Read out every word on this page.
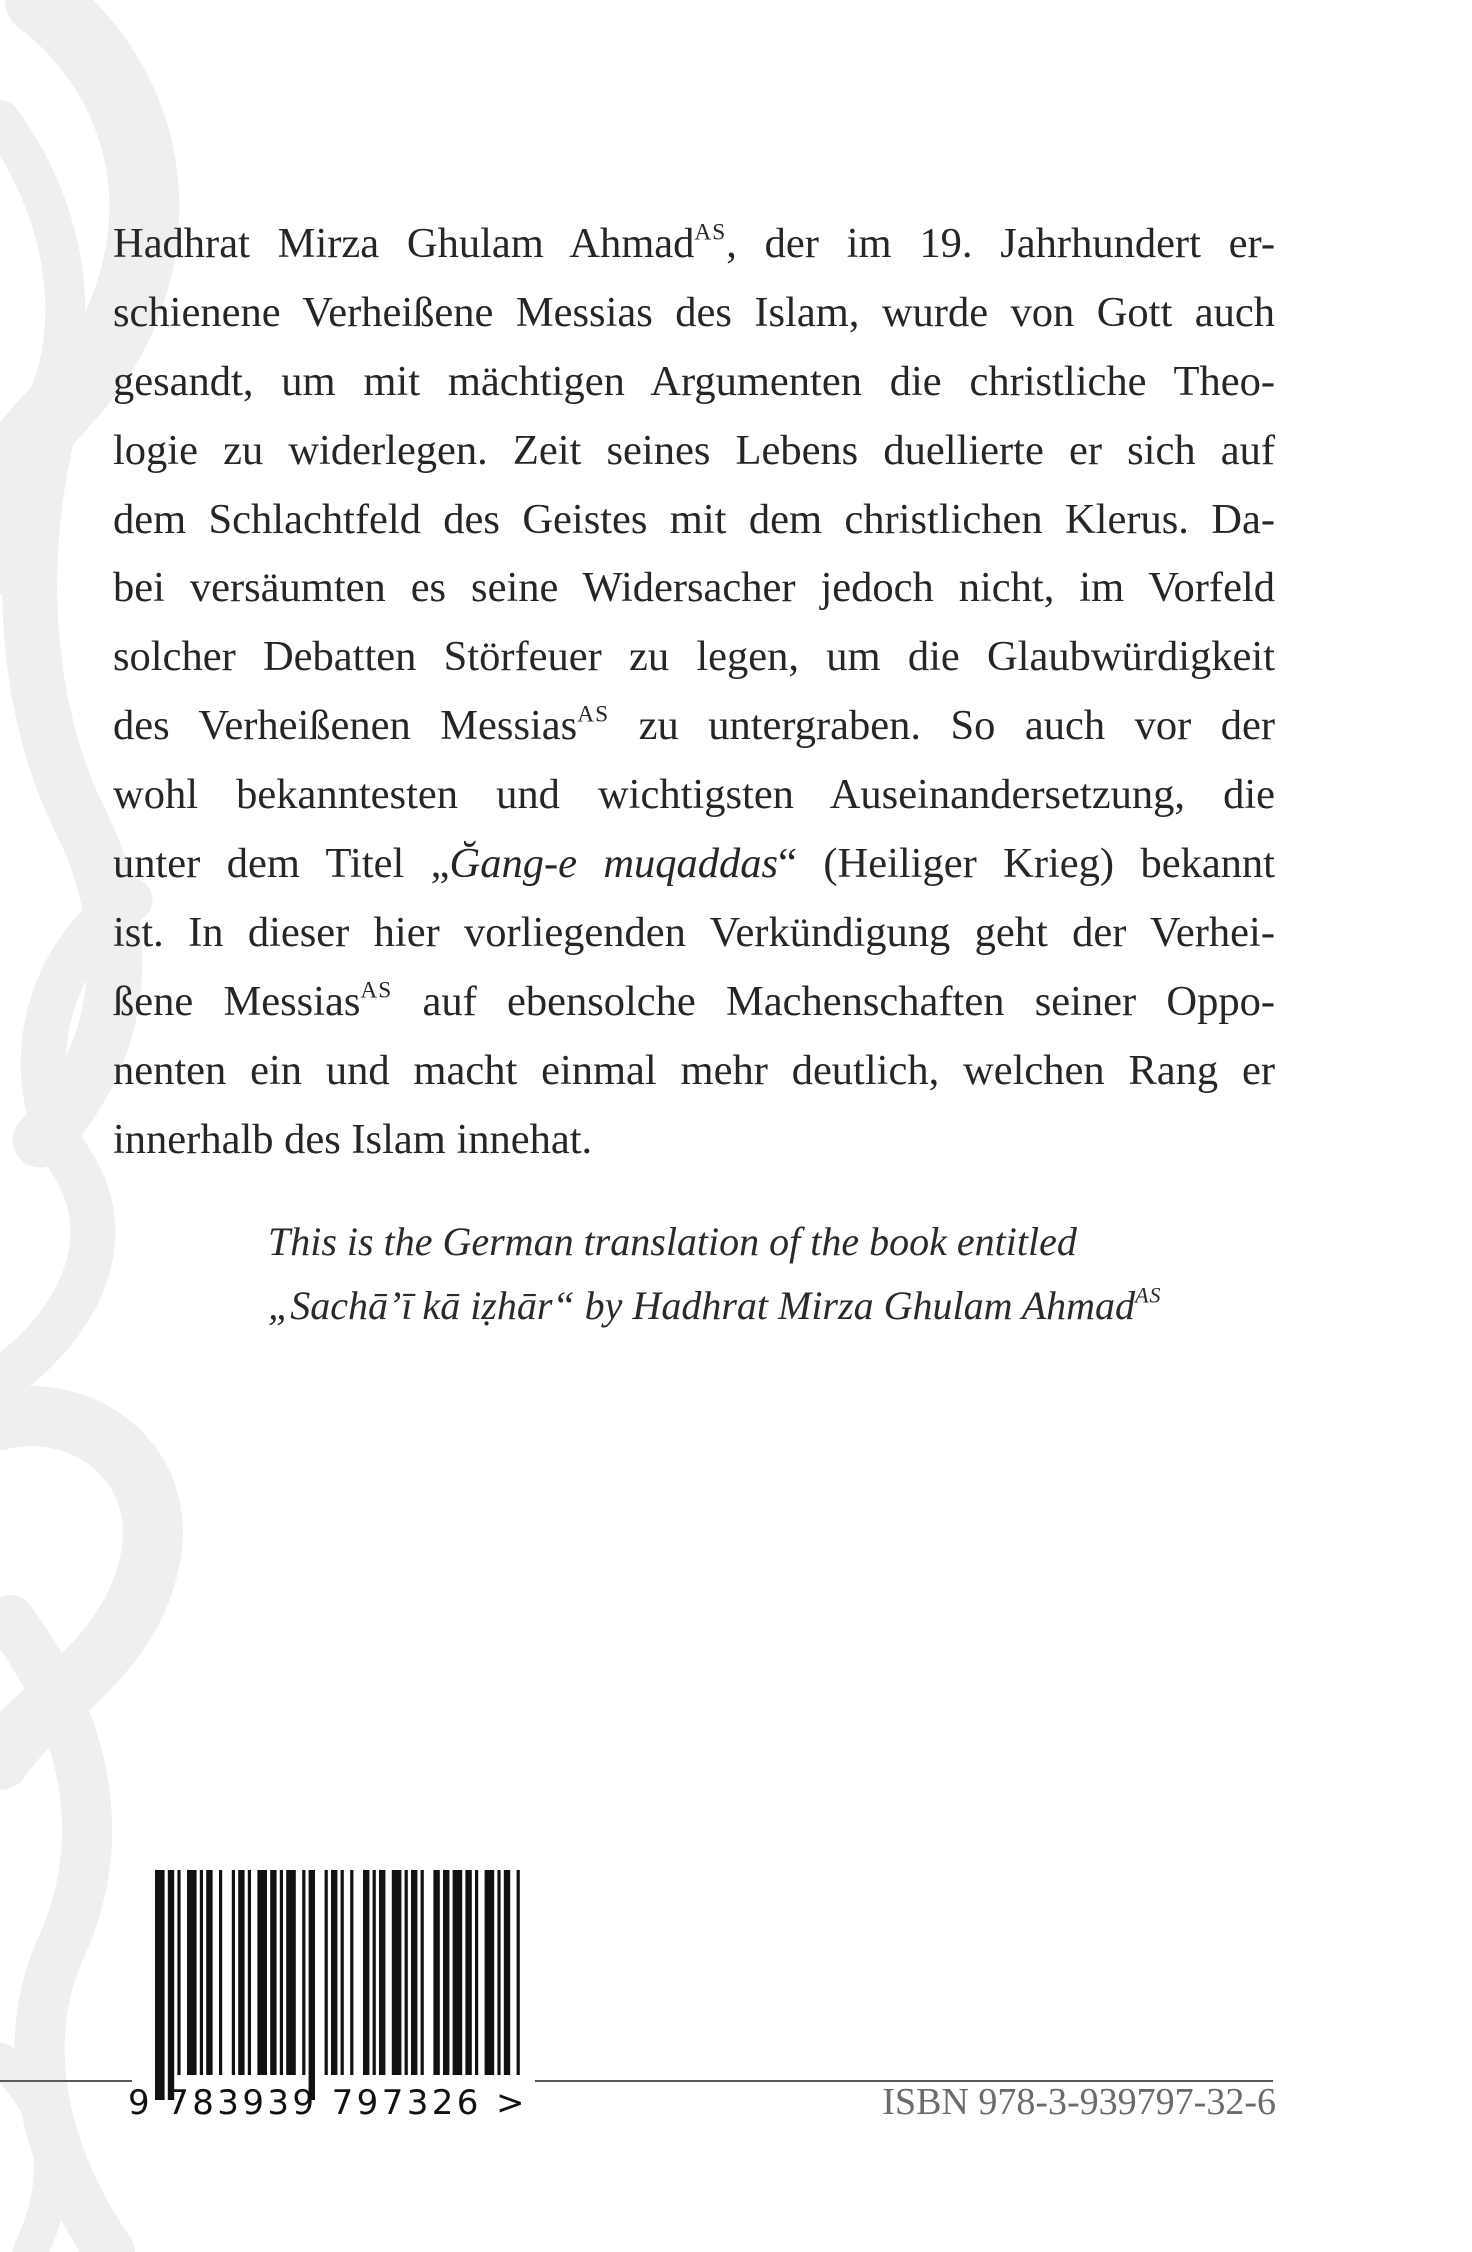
Hadhrat Mirza Ghulam Ahmad$^{AS}$, der im 19. Jahrhundert er-
schienene Verheißene Messias des Islam, wurde von Gott auch
gesandt, um mit mächtigen Argumenten die christliche Theo-
logie zu widerlegen. Zeit seines Lebens duellierte er sich auf
dem Schlachtfeld des Geistes mit dem christlichen Klerus. Da-
bei versäumten es seine Widersacher jedoch nicht, im Vorfeld
solcher Debatten Störfeuer zu legen, um die Glaubwürdigkeit
des Verheißenen Messias$^{AS}$ zu untergraben. So auch vor der
wohl bekanntesten und wichtigsten Auseinandersetzung, die
unter dem Titel „Ğang-e muqaddas“ (Heiliger Krieg) bekannt
ist. In dieser hier vorliegenden Verkündigung geht der Verhei-
ßene Messias$^{AS}$ auf ebensolche Machenschaften seiner Oppo-
nenten ein und macht einmal mehr deutlich, welchen Rang er
innerhalb des Islam innehat.
This is the German translation of the book entitled
„Sachā’ī kā iẓhār“ by Hadhrat Mirza Ghulam Ahmad$^{AS}$
9 783939 797326 >	ISBN 978-3-939797-32-6
